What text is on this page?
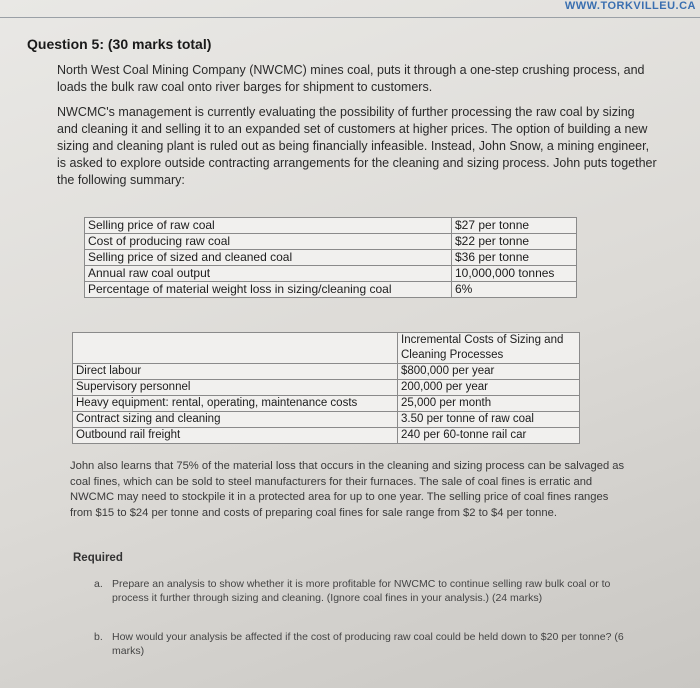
WWW.TORKVILLEU.CA
Question 5: (30 marks total)
North West Coal Mining Company (NWCMC) mines coal, puts it through a one-step crushing process, and loads the bulk raw coal onto river barges for shipment to customers.
NWCMC's management is currently evaluating the possibility of further processing the raw coal by sizing and cleaning it and selling it to an expanded set of customers at higher prices. The option of building a new sizing and cleaning plant is ruled out as being financially infeasible. Instead, John Snow, a mining engineer, is asked to explore outside contracting arrangements for the cleaning and sizing process. John puts together the following summary:
Selling price of raw coal	$27 per tonne
Cost of producing raw coal	$22 per tonne
Selling price of sized and cleaned coal	$36 per tonne
Annual raw coal output	10,000,000 tonnes
Percentage of material weight loss in sizing/cleaning coal	6%
	Incremental Costs of Sizing and Cleaning Processes
Direct labour	$800,000 per year
Supervisory personnel	200,000 per year
Heavy equipment: rental, operating, maintenance costs	25,000 per month
Contract sizing and cleaning	3.50 per tonne of raw coal
Outbound rail freight	240 per 60-tonne rail car
John also learns that 75% of the material loss that occurs in the cleaning and sizing process can be salvaged as coal fines, which can be sold to steel manufacturers for their furnaces. The sale of coal fines is erratic and NWCMC may need to stockpile it in a protected area for up to one year. The selling price of coal fines ranges from $15 to $24 per tonne and costs of preparing coal fines for sale range from $2 to $4 per tonne.
Required
a. Prepare an analysis to show whether it is more profitable for NWCMC to continue selling raw bulk coal or to process it further through sizing and cleaning. (Ignore coal fines in your analysis.) (24 marks)
b. How would your analysis be affected if the cost of producing raw coal could be held down to $20 per tonne? (6 marks)
